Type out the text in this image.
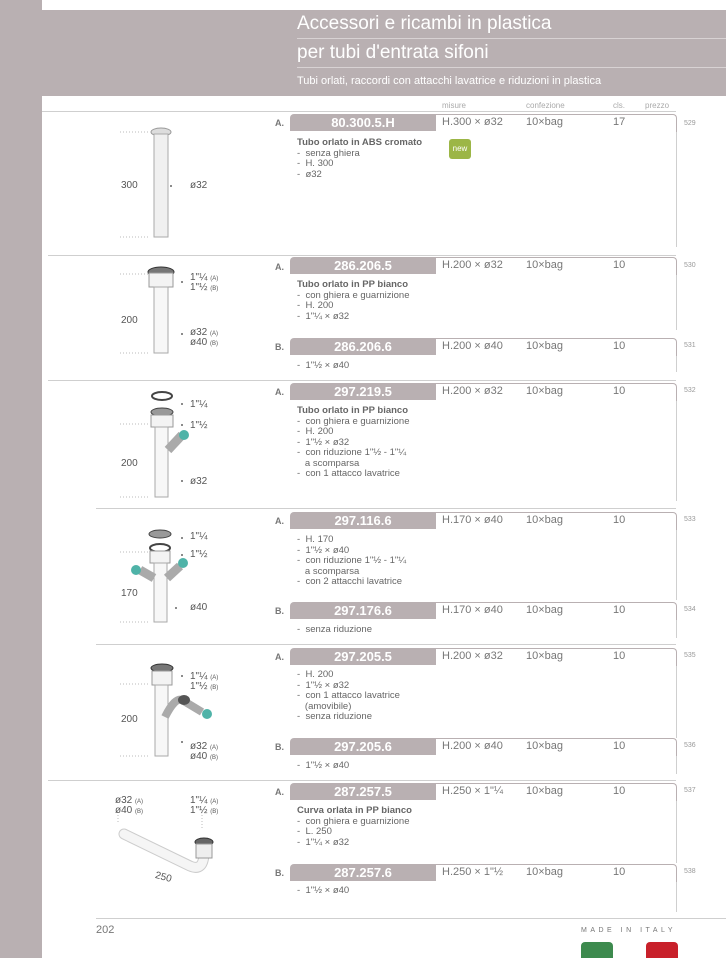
Accessori e ricambi in plastica
per tubi d'entrata sifoni
Tubi orlati, raccordi con attacchi lavatrice e riduzioni in plastica
misure	confezione	cls.	prezzo
A.	80.300.5.H	H.300 × ø32 10×bag	17	529
A.	286.206.5	H.200 × ø32 10×bag	10	530
B.	286.206.6	H.200 × ø40 10×bag	10	531
A.	297.219.5	H.200 × ø32 10×bag	10	532
A.	297.116.6	H.170 × ø40 10×bag	10	533
B.	297.176.6	H.170 × ø40 10×bag	10	534
A.	297.205.5	H.200 × ø32 10×bag	10	535
B.	297.205.6	H.200 × ø40 10×bag	10	536
A.	287.257.5	H.250 × 1"¼ 10×bag	10	537
B.	287.257.6	H.250 × 1"½ 10×bag	10	538
new
Tubo orlato in ABS cromato
-  senza ghiera
-  H. 300
-  ø32
Tubo orlato in PP bianco
-  con ghiera e guarnizione
-  H. 200
-  1"¼ × ø32
-  1"½ × ø40
Tubo orlato in PP bianco
-  con ghiera e guarnizione
-  H. 200
-  1"½ × ø32
-  con riduzione 1"½ - 1"¼
a scomparsa
-  con 1 attacco lavatrice
-  H. 170
-  1"½ × ø40
-  con riduzione 1"½ - 1"¼
a scomparsa
-  con 2 attacchi lavatrice
-  senza riduzione
-  H. 200
-  1"½ × ø32
-  con 1 attacco lavatrice
(amovibile)
-  senza riduzione
-  1"½ × ø40
Curva orlata in PP bianco
-  con ghiera e guarnizione
-  L. 250
-  1"¼ × ø32
-  1"½ × ø40
300	ø32
1"¼ (A)
1"½ (B)
200
ø32 (A)
ø40 (B)
1"¼
1"½
200
ø32
1"¼
1"½
170
ø40
1"¼ (A)
1"½ (B)
200
ø32 (A)
ø40 (B)
ø32 (A)
ø40 (B)
1"¼ (A)
1"½ (B)
250
202	MADE IN ITALY
